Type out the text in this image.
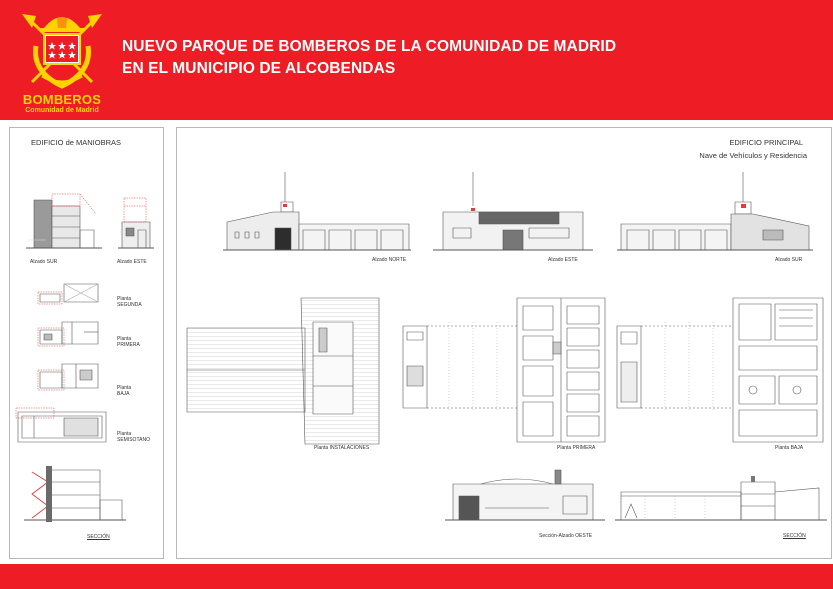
BOMBEROS
Comunidad de Madrid
NUEVO PARQUE DE BOMBEROS DE LA COMUNIDAD DE MADRID
EN EL MUNICIPIO DE ALCOBENDAS
EDIFICIO de MANIOBRAS
Alzado SUR	Alzado ESTE
Planta
SEGUNDA
Planta
PRIMERA
Planta
BAJA
Planta
SEMISOTANO
SECCIÓN
EDIFICIO PRINCIPAL
Nave de Vehículos y Residencia
Alzado NORTE	Alzado ESTE	Alzado SUR
Planta INSTALACIONES	Planta PRIMERA	Planta BAJA
Sección-Alzado OESTE	SECCIÓN
